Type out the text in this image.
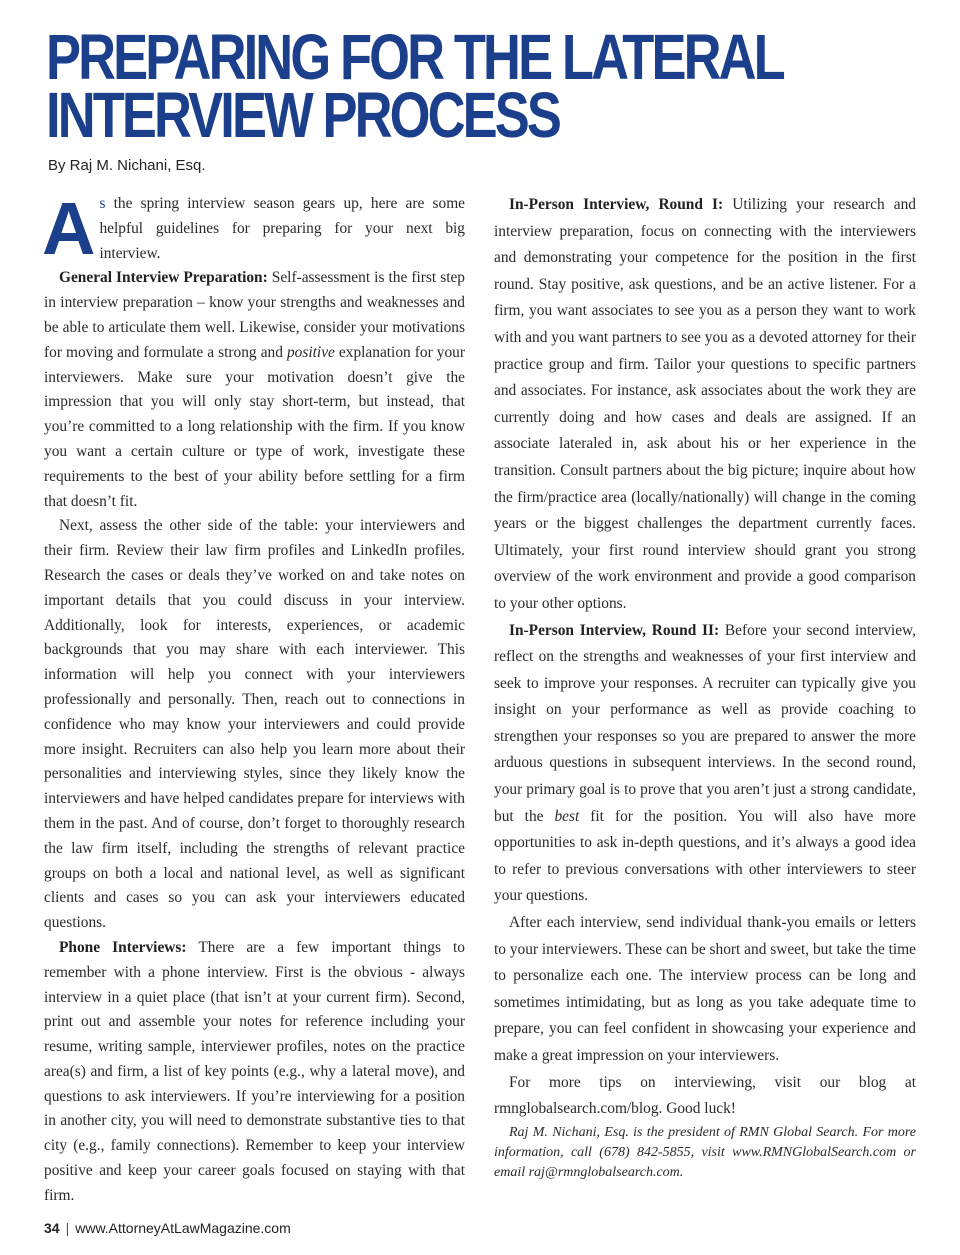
PREPARING FOR THE LATERAL
INTERVIEW PROCESS
By Raj M. Nichani, Esq.

As the spring interview season gears up, here are some helpful guidelines for preparing for your next big interview.

General Interview Preparation: Self-assessment is the first step in interview preparation – know your strengths and weaknesses and be able to articulate them well. Likewise, consider your motivations for moving and formulate a strong and positive explanation for your interviewers. Make sure your motivation doesn’t give the impression that you will only stay short-term, but instead, that you’re committed to a long relationship with the firm. If you know you want a certain culture or type of work, investigate these requirements to the best of your ability before settling for a firm that doesn’t fit.

Next, assess the other side of the table: your interviewers and their firm. Review their law firm profiles and LinkedIn profiles. Research the cases or deals they’ve worked on and take notes on important details that you could discuss in your interview. Additionally, look for interests, experiences, or academic backgrounds that you may share with each interviewer. This information will help you connect with your interviewers professionally and personally. Then, reach out to connections in confidence who may know your interviewers and could provide more insight. Recruiters can also help you learn more about their personalities and interviewing styles, since they likely know the interviewers and have helped candidates prepare for interviews with them in the past. And of course, don’t forget to thoroughly research the law firm itself, including the strengths of relevant practice groups on both a local and national level, as well as significant clients and cases so you can ask your interviewers educated questions.

Phone Interviews: There are a few important things to remember with a phone interview. First is the obvious - always interview in a quiet place (that isn’t at your current firm). Second, print out and assemble your notes for reference including your resume, writing sample, interviewer profiles, notes on the practice area(s) and firm, a list of key points (e.g., why a lateral move), and questions to ask interviewers. If you’re interviewing for a position in another city, you will need to demonstrate substantive ties to that city (e.g., family connections). Remember to keep your interview positive and keep your career goals focused on staying with that firm.

In-Person Interview, Round I: Utilizing your research and interview preparation, focus on connecting with the interviewers and demonstrating your competence for the position in the first round. Stay positive, ask questions, and be an active listener. For a firm, you want associates to see you as a person they want to work with and you want partners to see you as a devoted attorney for their practice group and firm. Tailor your questions to specific partners and associates. For instance, ask associates about the work they are currently doing and how cases and deals are assigned. If an associate lateraled in, ask about his or her experience in the transition. Consult partners about the big picture; inquire about how the firm/practice area (locally/nationally) will change in the coming years or the biggest challenges the department currently faces. Ultimately, your first round interview should grant you strong overview of the work environment and provide a good comparison to your other options.

In-Person Interview, Round II: Before your second interview, reflect on the strengths and weaknesses of your first interview and seek to improve your responses. A recruiter can typically give you insight on your performance as well as provide coaching to strengthen your responses so you are prepared to answer the more arduous questions in subsequent interviews. In the second round, your primary goal is to prove that you aren’t just a strong candidate, but the best fit for the position. You will also have more opportunities to ask in-depth questions, and it’s always a good idea to refer to previous conversations with other interviewers to steer your questions.

After each interview, send individual thank-you emails or letters to your interviewers. These can be short and sweet, but take the time to personalize each one. The interview process can be long and sometimes intimidating, but as long as you take adequate time to prepare, you can feel confident in showcasing your experience and make a great impression on your interviewers.

For more tips on interviewing, visit our blog at rmnglobalsearch.com/blog. Good luck!

Raj M. Nichani, Esq. is the president of RMN Global Search. For more information, call (678) 842-5855, visit www.RMNGlobalSearch.com or email raj@rmnglobalsearch.com.

34 | www.AttorneyAtLawMagazine.com
